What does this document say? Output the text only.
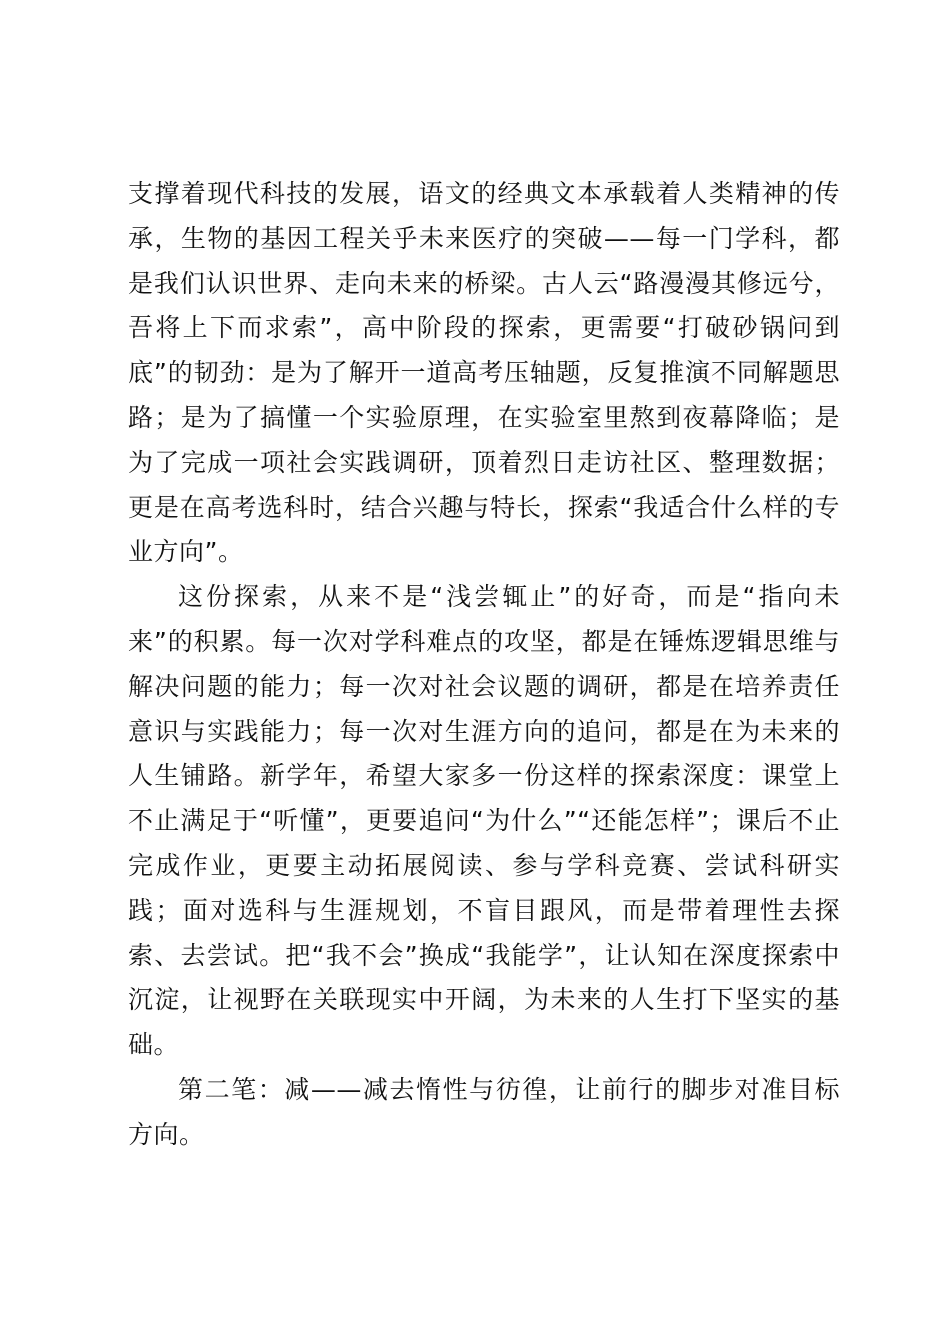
支撑着现代科技的发展，语文的经典文本承载着人类精神的传承，生物的基因工程关乎未来医疗的突破——每一门学科，都是我们认识世界、走向未来的桥梁。古人云“路漫漫其修远兮，吾将上下而求索”，高中阶段的探索，更需要“打破砂锅问到底”的韧劲：是为了解开一道高考压轴题，反复推演不同解题思路；是为了搞懂一个实验原理，在实验室里熬到夜幕降临；是为了完成一项社会实践调研，顶着烈日走访社区、整理数据；更是在高考选科时，结合兴趣与特长，探索“我适合什么样的专业方向”。

这份探索，从来不是“浅尝辄止”的好奇，而是“指向未来”的积累。每一次对学科难点的攻坚，都是在锤炼逻辑思维与解决问题的能力；每一次对社会议题的调研，都是在培养责任意识与实践能力；每一次对生涯方向的追问，都是在为未来的人生铺路。新学年，希望大家多一份这样的探索深度：课堂上不止满足于“听懂”，更要追问“为什么”“还能怎样”；课后不止完成作业，更要主动拓展阅读、参与学科竞赛、尝试科研实践；面对选科与生涯规划，不盲目跟风，而是带着理性去探索、去尝试。把“我不会”换成“我能学”，让认知在深度探索中沉淀，让视野在关联现实中开阔，为未来的人生打下坚实的基础。

第二笔：减——减去惰性与彷徨，让前行的脚步对准目标方向。
